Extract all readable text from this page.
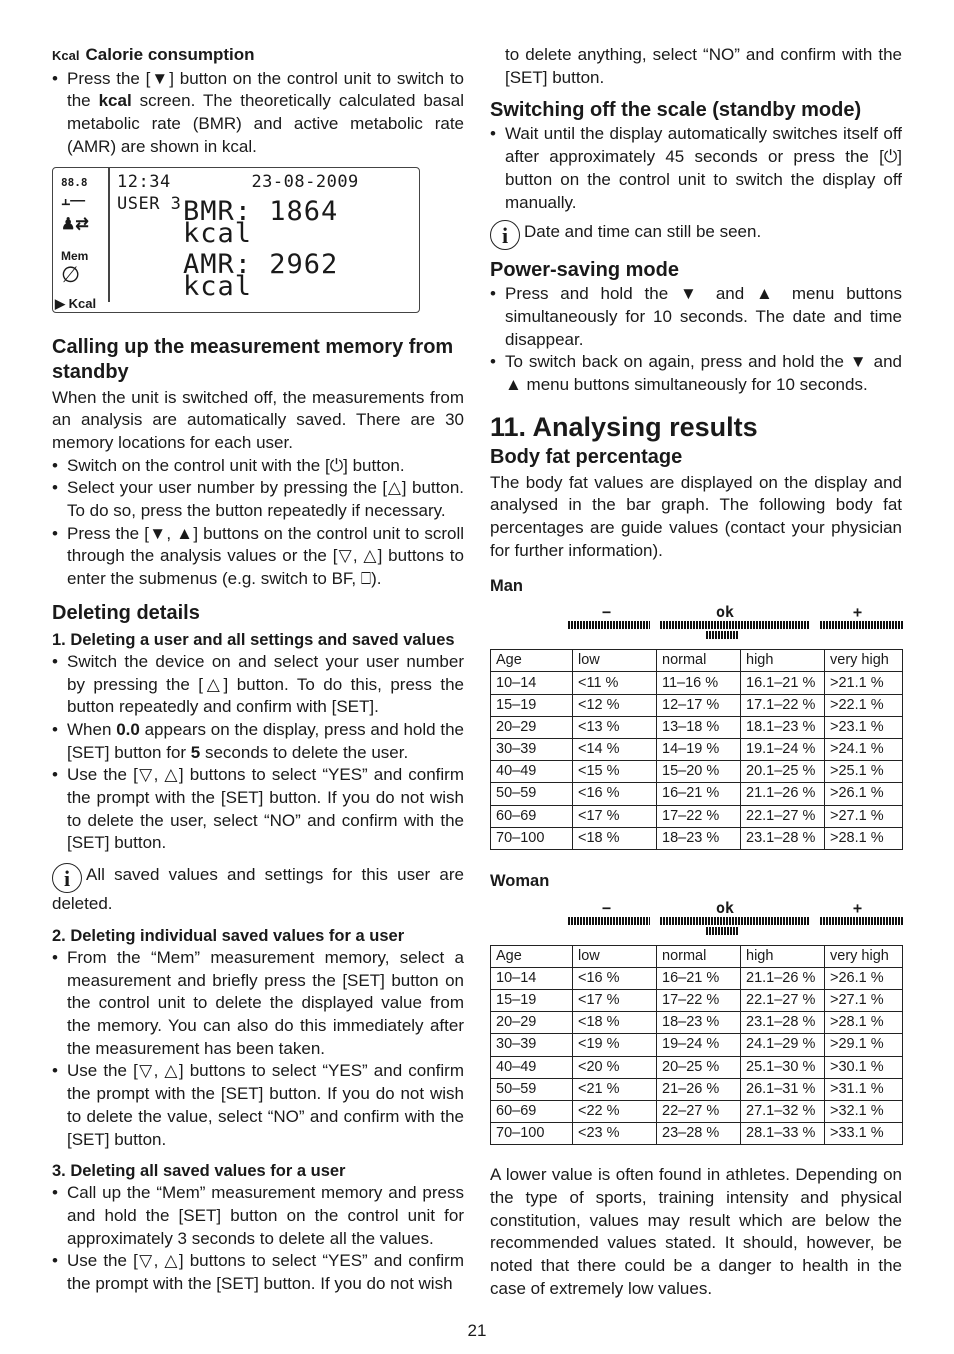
Kcal Calorie consumption

• Press the [▼] button on the control unit to switch to the kcal screen. The theoretically calculated basal metabolic rate (BMR) and active metabolic rate (AMR) are shown in kcal.
88.8
⫠—
♟⇄
Mem
∅
▶ Kcal
12:34	23-08-2009 USER 3 BMR: 1864 kcal
AMR: 2962 kcal
Calling up the measurement memory from standby

When the unit is switched off, the measurements from an analysis are automatically saved. There are 30 memory locations for each user.

• Switch on the control unit with the [⏻] button.
• Select your user number by pressing the [△] button. To do so, press the button repeatedly if necessary.
• Press the [▼, ▲] buttons on the control unit to scroll through the analysis values or the [▽, △] buttons to enter the submenus (e.g. switch to BF, ⎕).
Deleting details
1. Deleting a user and all settings and saved values
• Switch the device on and select your user number by pressing the [△] button. To do this, press the button repeatedly and confirm with [SET].
• When 0.0 appears on the display, press and hold the [SET] button for 5 seconds to delete the user.
• Use the [▽, △] buttons to select “YES” and confirm the prompt with the [SET] button. If you do not wish to delete the user, select “NO” and confirm with the [SET] button.

i All saved values and settings for this user are deleted.

2. Deleting individual saved values for a user
• From the “Mem” measurement memory, select a measurement and briefly press the [SET] button on the control unit to delete the displayed value from the memory. You can also do this immediately after the measurement has been taken.
• Use the [▽, △] buttons to select “YES” and confirm the prompt with the [SET] button. If you do not wish to delete the value, select “NO” and confirm with the [SET] button.
3. Deleting all saved values for a user
• Call up the “Mem” measurement memory and press and hold the [SET] button on the control unit for approximately 3 seconds to delete all the values.
• Use the [▽, △] buttons to select “YES” and confirm the prompt with the [SET] button. If you do not wish

to delete anything, select “NO” and confirm with the [SET] button.

Switching off the scale (standby mode)
• Wait until the display automatically switches itself off after approximately 45 seconds or press the [⏻] button on the control unit to switch the display off manually.

i Date and time can still be seen.

Power-saving mode
• Press and hold the ▼ and ▲ menu buttons simultaneously for 10 seconds. The date and time disappear.
• To switch back on again, press and hold the ▼ and ▲ menu buttons simultaneously for 10 seconds.
11. Analysing results
Body fat percentage

The body fat values are displayed on the display and analysed in the bar graph. The following body fat percentages are guide values (contact your physician for further information).

Man
−	ok	+
Age	low	normal	high	very high
10–14	<11 %	11–16 %	16.1–21 %	>21.1 %
15–19	<12 %	12–17 %	17.1–22 %	>22.1 %
20–29	<13 %	13–18 %	18.1–23 %	>23.1 %
30–39	<14 %	14–19 %	19.1–24 %	>24.1 %
40–49	<15 %	15–20 %	20.1–25 %	>25.1 %
50–59	<16 %	16–21 %	21.1–26 %	>26.1 %
60–69	<17 %	17–22 %	22.1–27 %	>27.1 %
70–100	<18 %	18–23 %	23.1–28 %	>28.1 %
Woman
−	ok	+
Age	low	normal	high	very high
10–14	<16 %	16–21 %	21.1–26 %	>26.1 %
15–19	<17 %	17–22 %	22.1–27 %	>27.1 %
20–29	<18 %	18–23 %	23.1–28 %	>28.1 %
30–39	<19 %	19–24 %	24.1–29 %	>29.1 %
40–49	<20 %	20–25 %	25.1–30 %	>30.1 %
50–59	<21 %	21–26 %	26.1–31 %	>31.1 %
60–69	<22 %	22–27 %	27.1–32 %	>32.1 %
70–100	<23 %	23–28 %	28.1–33 %	>33.1 %

A lower value is often found in athletes. Depending on the type of sports, training intensity and physical constitution, values may result which are below the recommended values stated. It should, however, be noted that there could be a danger to health in the case of extremely low values.

21
